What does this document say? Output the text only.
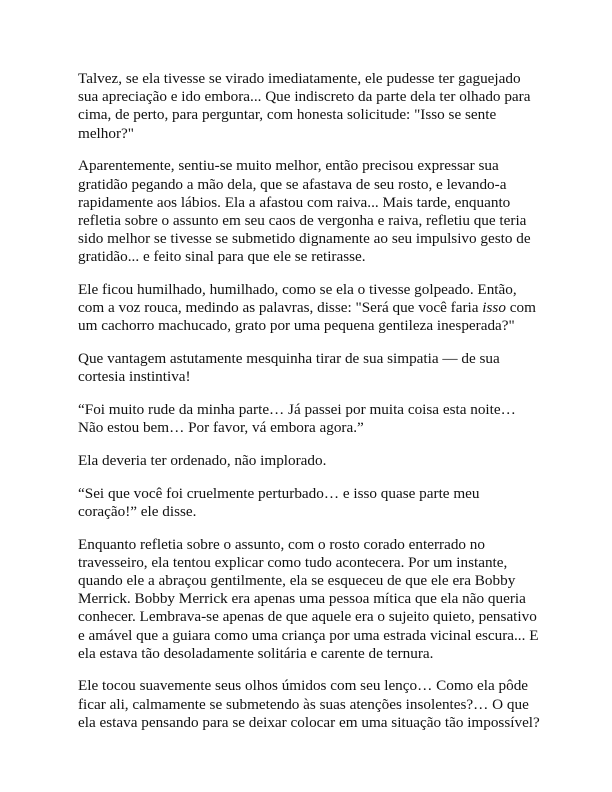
Talvez, se ela tivesse se virado imediatamente, ele pudesse ter gaguejado
sua apreciação e ido embora... Que indiscreto da parte dela ter olhado para
cima, de perto, para perguntar, com honesta solicitude: "Isso se sente
melhor?"

Aparentemente, sentiu-se muito melhor, então precisou expressar sua
gratidão pegando a mão dela, que se afastava de seu rosto, e levando-a
rapidamente aos lábios. Ela a afastou com raiva... Mais tarde, enquanto
refletia sobre o assunto em seu caos de vergonha e raiva, refletiu que teria
sido melhor se tivesse se submetido dignamente ao seu impulsivo gesto de
gratidão... e feito sinal para que ele se retirasse.

Ele ficou humilhado, humilhado, como se ela o tivesse golpeado. Então,
com a voz rouca, medindo as palavras, disse: "Será que você faria isso com
um cachorro machucado, grato por uma pequena gentileza inesperada?"

Que vantagem astutamente mesquinha tirar de sua simpatia — de sua
cortesia instintiva!

“Foi muito rude da minha parte… Já passei por muita coisa esta noite…
Não estou bem… Por favor, vá embora agora.”

Ela deveria ter ordenado, não implorado.

“Sei que você foi cruelmente perturbado… e isso quase parte meu
coração!” ele disse.

Enquanto refletia sobre o assunto, com o rosto corado enterrado no
travesseiro, ela tentou explicar como tudo acontecera. Por um instante,
quando ele a abraçou gentilmente, ela se esqueceu de que ele era Bobby
Merrick. Bobby Merrick era apenas uma pessoa mítica que ela não queria
conhecer. Lembrava-se apenas de que aquele era o sujeito quieto, pensativo
e amável que a guiara como uma criança por uma estrada vicinal escura... E
ela estava tão desoladamente solitária e carente de ternura.

Ele tocou suavemente seus olhos úmidos com seu lenço… Como ela pôde
ficar ali, calmamente se submetendo às suas atenções insolentes?… O que
ela estava pensando para se deixar colocar em uma situação tão impossível?
